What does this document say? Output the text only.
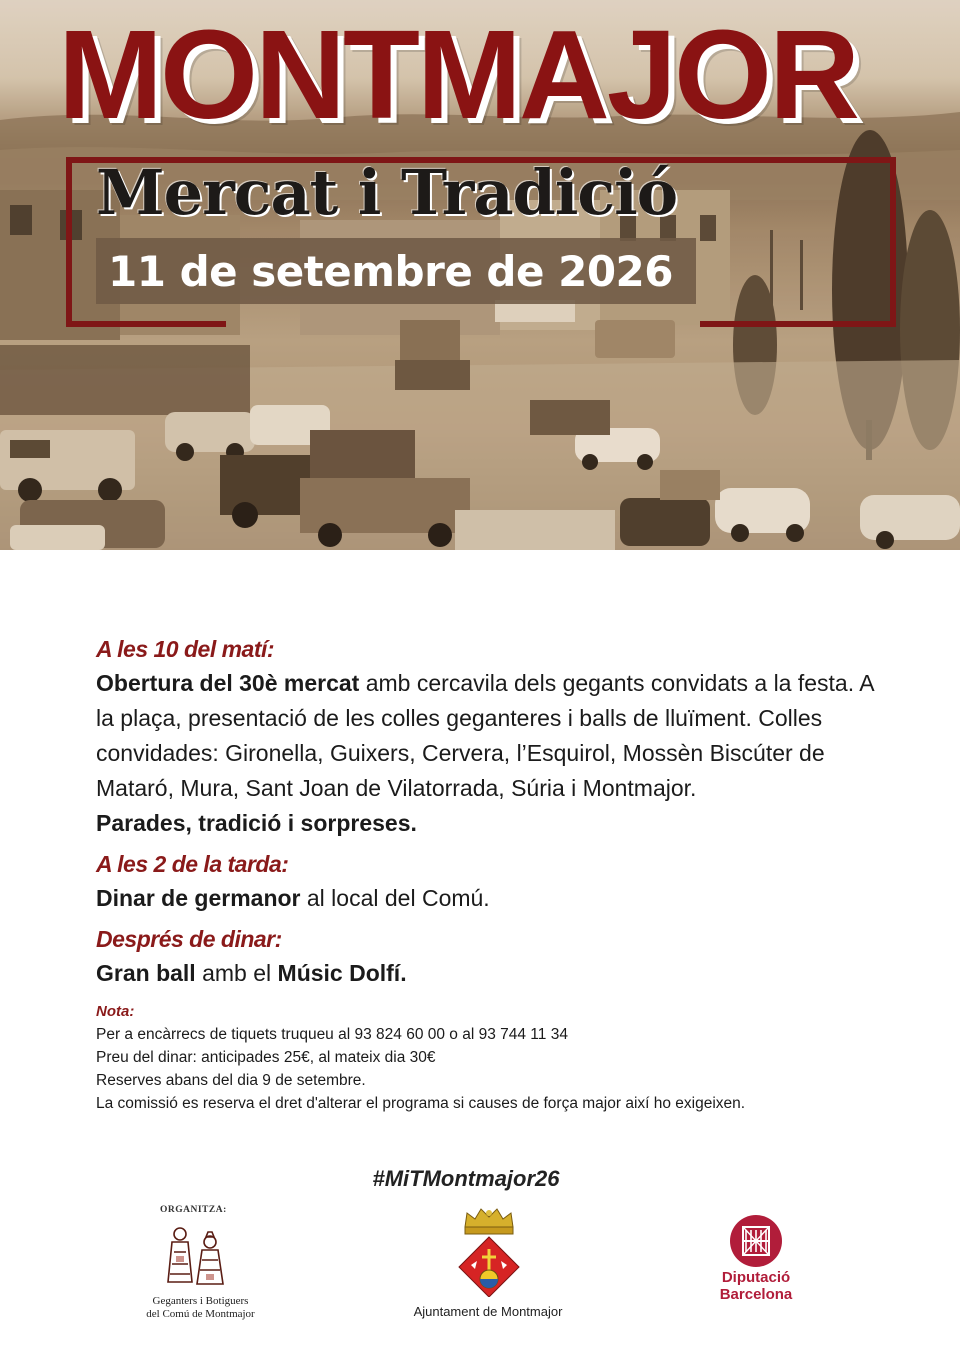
MONTMAJOR
Mercat i Tradició

11 de setembre de 2026

A les 10 del matí:

Obertura del 30è mercat amb cercavila dels gegants convidats a la festa. A la plaça, presentació de les colles geganteres i balls de lluïment. Colles convidades: Gironella, Guixers, Cervera, l’Esquirol, Mossèn Biscúter de Mataró, Mura, Sant Joan de Vilatorrada, Súria i Montmajor.

Parades, tradició i sorpreses.

A les 2 de la tarda:

Dinar de germanor al local del Comú.

Després de dinar:

Gran ball amb el Músic Dolfí.

Nota:

Per a encàrrecs de tiquets truqueu al 93 824 60 00 o al 93 744 11 34

Preu del dinar: anticipades 25€, al mateix dia 30€

Reserves abans del dia 9 de setembre.

La comissió es reserva el dret d'alterar el programa si causes de força major així ho exigeixen.

#MiTMontmajor26
ORGANITZA:
Geganters i Botiguers
del Comú de Montmajor	Ajuntament de Montmajor
Diputació
Barcelona
